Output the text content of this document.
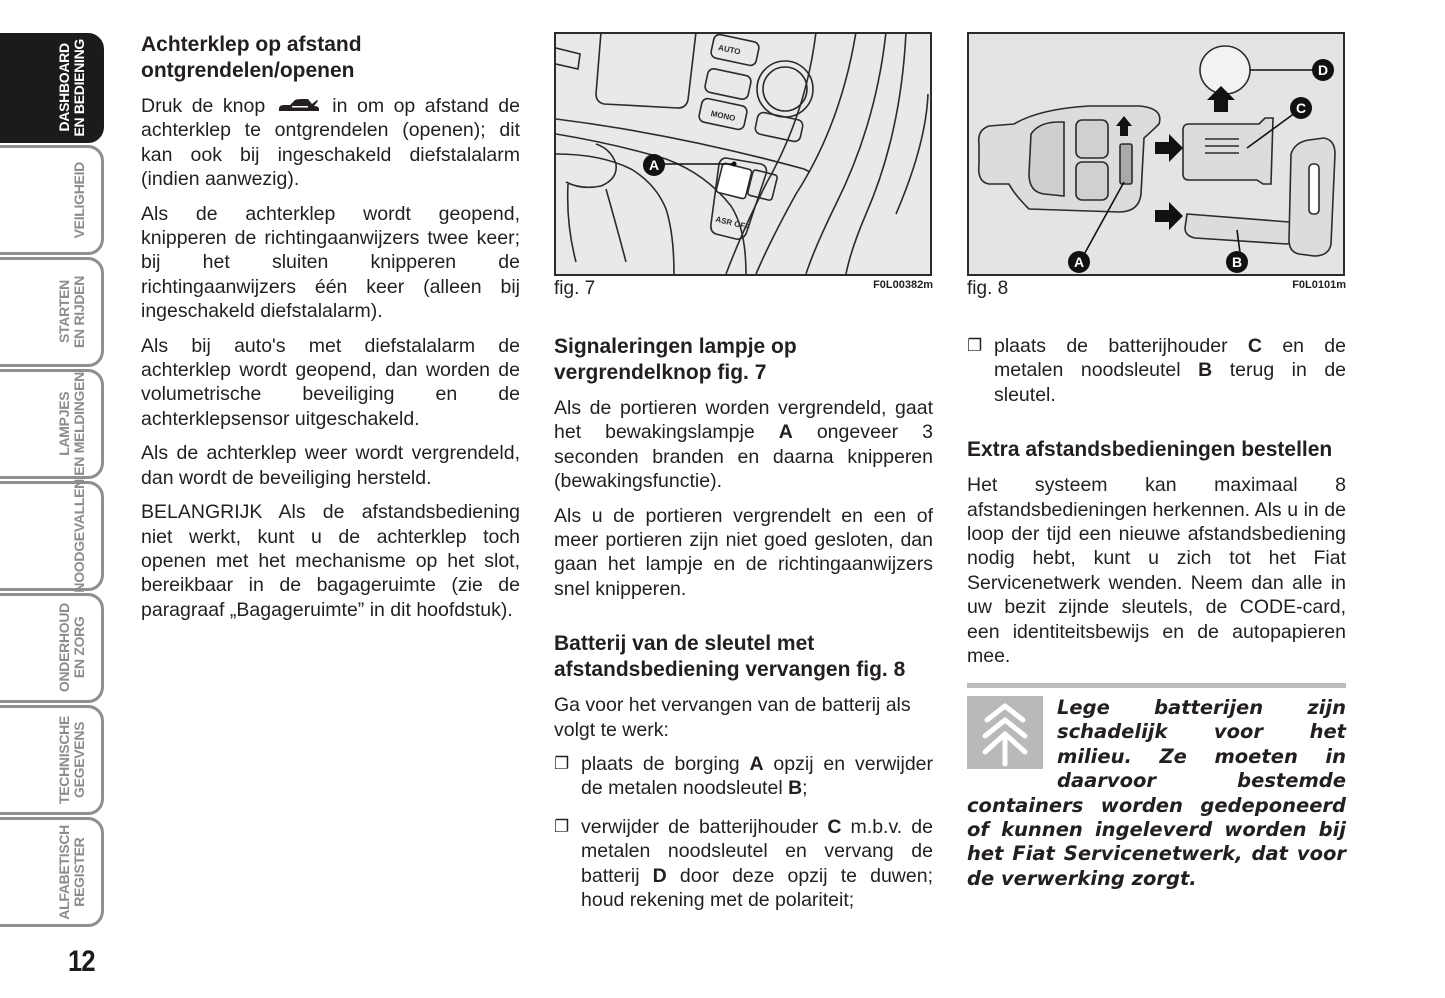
DASHBOARD EN BEDIENING
VEILIGHEID
STARTEN EN RIJDEN
LAMPJES EN MELDINGEN
NOODGEVALLEN
ONDERHOUD EN ZORG
TECHNISCHE GEGEVENS
ALFABETISCH REGISTER
12
Achterklep op afstand ontgrendelen/openen

Druk de knop	in om op afstand de achterklep te ontgrendelen (openen); dit kan ook bij ingeschakeld diefstalalarm (indien aanwezig).

Als de achterklep wordt geopend, knipperen de richtingaanwijzers twee keer; bij het sluiten knipperen de richtingaanwijzers één keer (alleen bij ingeschakeld diefstalalarm).

Als bij auto's met diefstalalarm de achterklep wordt geopend, dan worden de volumetrische beveiliging en de achterklepsensor uitgeschakeld.

Als de achterklep weer wordt vergrendeld, dan wordt de beveiliging hersteld.

BELANGRIJK Als de afstandsbediening niet werkt, kunt u de achterklep toch openen met het mechanisme op het slot, bereikbaar in de bagageruimte (zie de paragraaf „Bagageruimte” in dit hoofdstuk).

AUTO
MONO
ASR OFF
A
fig. 7	F0L00382m
Signaleringen lampje op vergrendelknop fig. 7

Als de portieren worden vergrendeld, gaat het bewakingslampje A ongeveer 3 seconden branden en daarna knipperen (bewakingsfunctie).

Als u de portieren vergrendelt en een of meer portieren zijn niet goed gesloten, dan gaan het lampje en de richtingaanwijzers snel knipperen.

Batterij van de sleutel met afstandsbediening vervangen fig. 8

Ga voor het vervangen van de batterij als volgt te werk:

❐ plaats de borging A opzij en verwijder de metalen noodsleutel B;
❐ verwijder de batterijhouder C m.b.v. de metalen noodsleutel en vervang de batterij D door deze opzij te duwen; houd rekening met de polariteit;
D
C
A	B
fig. 8	F0L0101m
❐ plaats de batterijhouder C en de metalen noodsleutel B terug in de sleutel.
Extra afstandsbedieningen bestellen

Het systeem kan maximaal 8 afstandsbedieningen herkennen. Als u in de loop der tijd een nieuwe afstandsbediening nodig hebt, kunt u zich tot het Fiat Servicenetwerk wenden. Neem dan alle in uw bezit zijnde sleutels, de CODE-card, een identiteitsbewijs en de autopapieren mee.

Lege batterijen zijn schadelijk voor het milieu. Ze moeten in daarvoor bestemde containers worden gedeponeerd of kunnen ingeleverd worden bij het Fiat Servicenetwerk, dat voor de verwerking zorgt.
